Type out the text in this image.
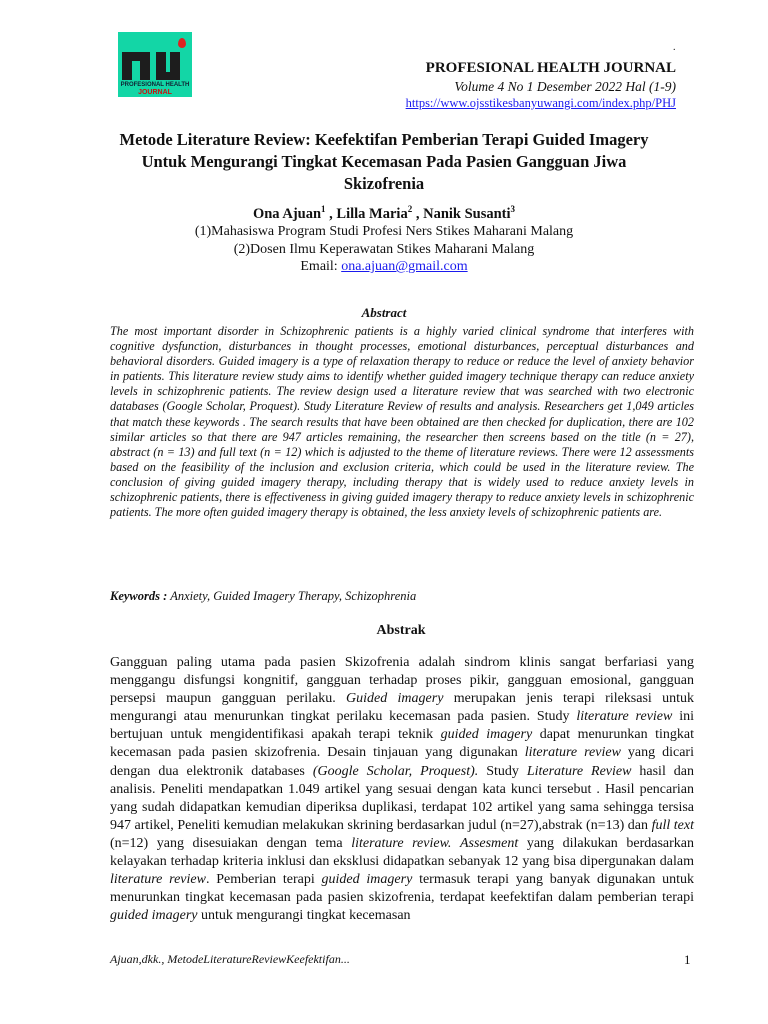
PROFESIONAL HEALTH
JOURNAL
.
PROFESIONAL HEALTH JOURNAL
Volume 4 No 1 Desember 2022 Hal (1-9)
https://www.ojsstikesbanyuwangi.com/index.php/PHJ
Metode Literature Review: Keefektifan Pemberian Terapi Guided Imagery
Untuk Mengurangi Tingkat Kecemasan Pada Pasien Gangguan Jiwa
Skizofrenia
Ona Ajuan$^1$ , Lilla Maria$^2$ , Nanik Susanti$^3$
(1)Mahasiswa Program Studi Profesi Ners Stikes Maharani Malang
(2)Dosen Ilmu Keperawatan Stikes Maharani Malang
Email: ona.ajuan@gmail.com
Abstract

The most important disorder in Schizophrenic patients is a highly varied clinical syndrome that interferes with cognitive dysfunction, disturbances in thought processes, emotional disturbances, perceptual disturbances and behavioral disorders. Guided imagery is a type of relaxation therapy to reduce or reduce the level of anxiety behavior in patients. This literature review study aims to identify whether guided imagery technique therapy can reduce anxiety levels in schizophrenic patients. The review design used a literature review that was searched with two electronic databases (Google Scholar, Proquest). Study Literature Review of results and analysis. Researchers get 1,049 articles that match these keywords . The search results that have been obtained are then checked for duplication, there are 102 similar articles so that there are 947 articles remaining, the researcher then screens based on the title (n = 27), abstract (n = 13) and full text (n = 12) which is adjusted to the theme of literature reviews. There were 12 assessments based on the feasibility of the inclusion and exclusion criteria, which could be used in the literature review. The conclusion of giving guided imagery therapy, including therapy that is widely used to reduce anxiety levels in schizophrenic patients, there is effectiveness in giving guided imagery therapy to reduce anxiety levels in schizophrenic patients. The more often guided imagery therapy is obtained, the less anxiety levels of schizophrenic patients are.

Keywords : Anxiety, Guided Imagery Therapy, Schizophrenia
Abstrak

Gangguan paling utama pada pasien Skizofrenia adalah sindrom klinis sangat berfariasi yang menggangu disfungsi kongnitif, gangguan terhadap proses pikir, gangguan emosional, gangguan persepsi maupun gangguan perilaku. Guided imagery merupakan jenis terapi rileksasi untuk mengurangi atau menurunkan tingkat perilaku kecemasan pada pasien. Study literature review ini bertujuan untuk mengidentifikasi apakah terapi teknik guided imagery dapat menurunkan tingkat kecemasan pada pasien skizofrenia. Desain tinjauan yang digunakan literature review yang dicari dengan dua elektronik databases (Google Scholar, Proquest). Study Literature Review hasil dan analisis. Peneliti mendapatkan 1.049 artikel yang sesuai dengan kata kunci tersebut . Hasil pencarian yang sudah didapatkan kemudian diperiksa duplikasi, terdapat 102 artikel yang sama sehingga tersisa 947 artikel, Peneliti kemudian melakukan skrining berdasarkan judul (n=27),abstrak (n=13) dan full text (n=12) yang disesuiakan dengan tema literature review. Assesment yang dilakukan berdasarkan kelayakan terhadap kriteria inklusi dan eksklusi didapatkan sebanyak 12 yang bisa dipergunakan dalam literature review. Pemberian terapi guided imagery termasuk terapi yang banyak digunakan untuk menurunkan tingkat kecemasan pada pasien skizofrenia, terdapat keefektifan dalam pemberian terapi guided imagery untuk mengurangi tingkat kecemasan

Ajuan,dkk., MetodeLiteratureReviewKeefektifan...	1
